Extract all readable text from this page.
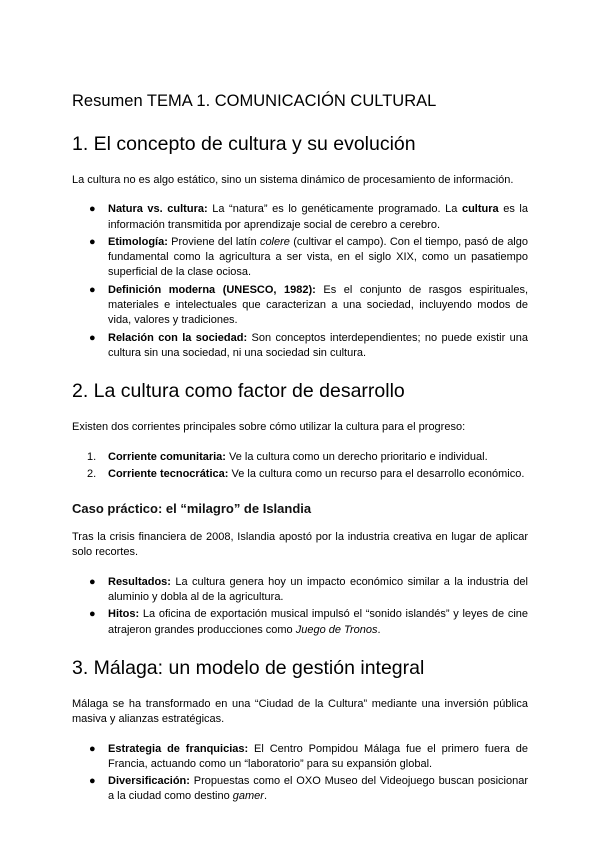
Resumen TEMA 1. COMUNICACIÓN CULTURAL
1. El concepto de cultura y su evolución

La cultura no es algo estático, sino un sistema dinámico de procesamiento de información.

● Natura vs. cultura: La “natura” es lo genéticamente programado. La cultura es la información transmitida por aprendizaje social de cerebro a cerebro.
● Etimología: Proviene del latín colere (cultivar el campo). Con el tiempo, pasó de algo fundamental como la agricultura a ser vista, en el siglo XIX, como un pasatiempo superficial de la clase ociosa.
● Definición moderna (UNESCO, 1982): Es el conjunto de rasgos espirituales, materiales e intelectuales que caracterizan a una sociedad, incluyendo modos de vida, valores y tradiciones.
● Relación con la sociedad: Son conceptos interdependientes; no puede existir una cultura sin una sociedad, ni una sociedad sin cultura.
2. La cultura como factor de desarrollo

Existen dos corrientes principales sobre cómo utilizar la cultura para el progreso:

1. Corriente comunitaria: Ve la cultura como un derecho prioritario e individual.
2. Corriente tecnocrática: Ve la cultura como un recurso para el desarrollo económico.
Caso práctico: el “milagro” de Islandia

Tras la crisis financiera de 2008, Islandia apostó por la industria creativa en lugar de aplicar solo recortes.

● Resultados: La cultura genera hoy un impacto económico similar a la industria del aluminio y dobla al de la agricultura.
● Hitos: La oficina de exportación musical impulsó el “sonido islandés” y leyes de cine atrajeron grandes producciones como Juego de Tronos.
3. Málaga: un modelo de gestión integral

Málaga se ha transformado en una “Ciudad de la Cultura” mediante una inversión pública masiva y alianzas estratégicas.

● Estrategia de franquicias: El Centro Pompidou Málaga fue el primero fuera de Francia, actuando como un “laboratorio” para su expansión global.
● Diversificación: Propuestas como el OXO Museo del Videojuego buscan posicionar a la ciudad como destino gamer.
